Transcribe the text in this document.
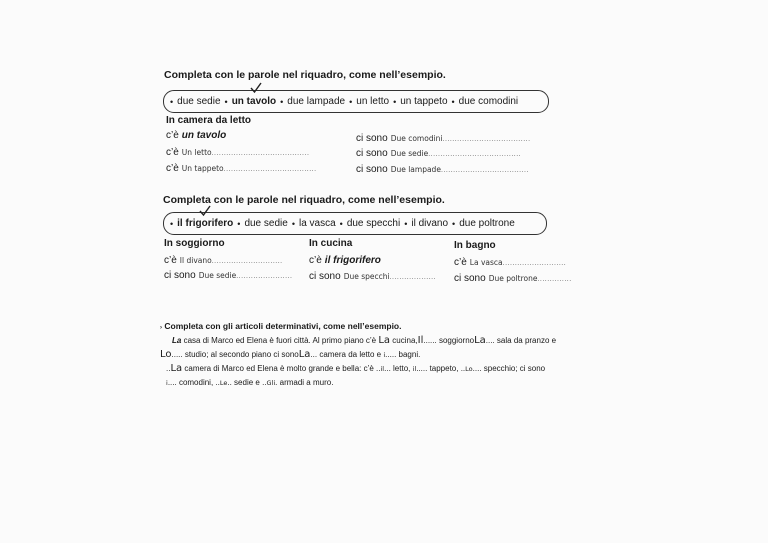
Completa con le parole nel riquadro, come nell’esempio.
• due sedie • un tavolo • due lampade • un letto • un tappeto • due comodini
In camera da letto
c’è un tavolo
c’è Un letto ........................................
c’è Un tappeto ......................................
ci sono Due comodini ....................................
ci sono Due sedie ......................................
ci sono Due lampade ....................................
Completa con le parole nel riquadro, come nell’esempio.
• il frigorifero • due sedie • la vasca • due specchi • il divano • due poltrone
In soggiorno	In cucina	In bagno
c’è Il divano .............................
ci sono Due sedie .......................
c’è il frigorifero
ci sono Due specchi ...................
c’è La vasca ..........................
ci sono Due poltrone ..............
› Completa con gli articoli determinativi, come nell’esempio.
La casa di Marco ed Elena è fuori città. Al primo piano c’è La cucina,Il...... soggiornoLa.... sala da pranzo e
Lo..... studio; al secondo piano ci sonoLa... camera da letto e i..... bagni.
..La camera di Marco ed Elena è molto grande e bella: c’è ..il... letto, il..... tappeto, ..Lo.... specchio; ci sono
i.... comodini, ..Le.. sedie e ..Gli. armadi a muro.
